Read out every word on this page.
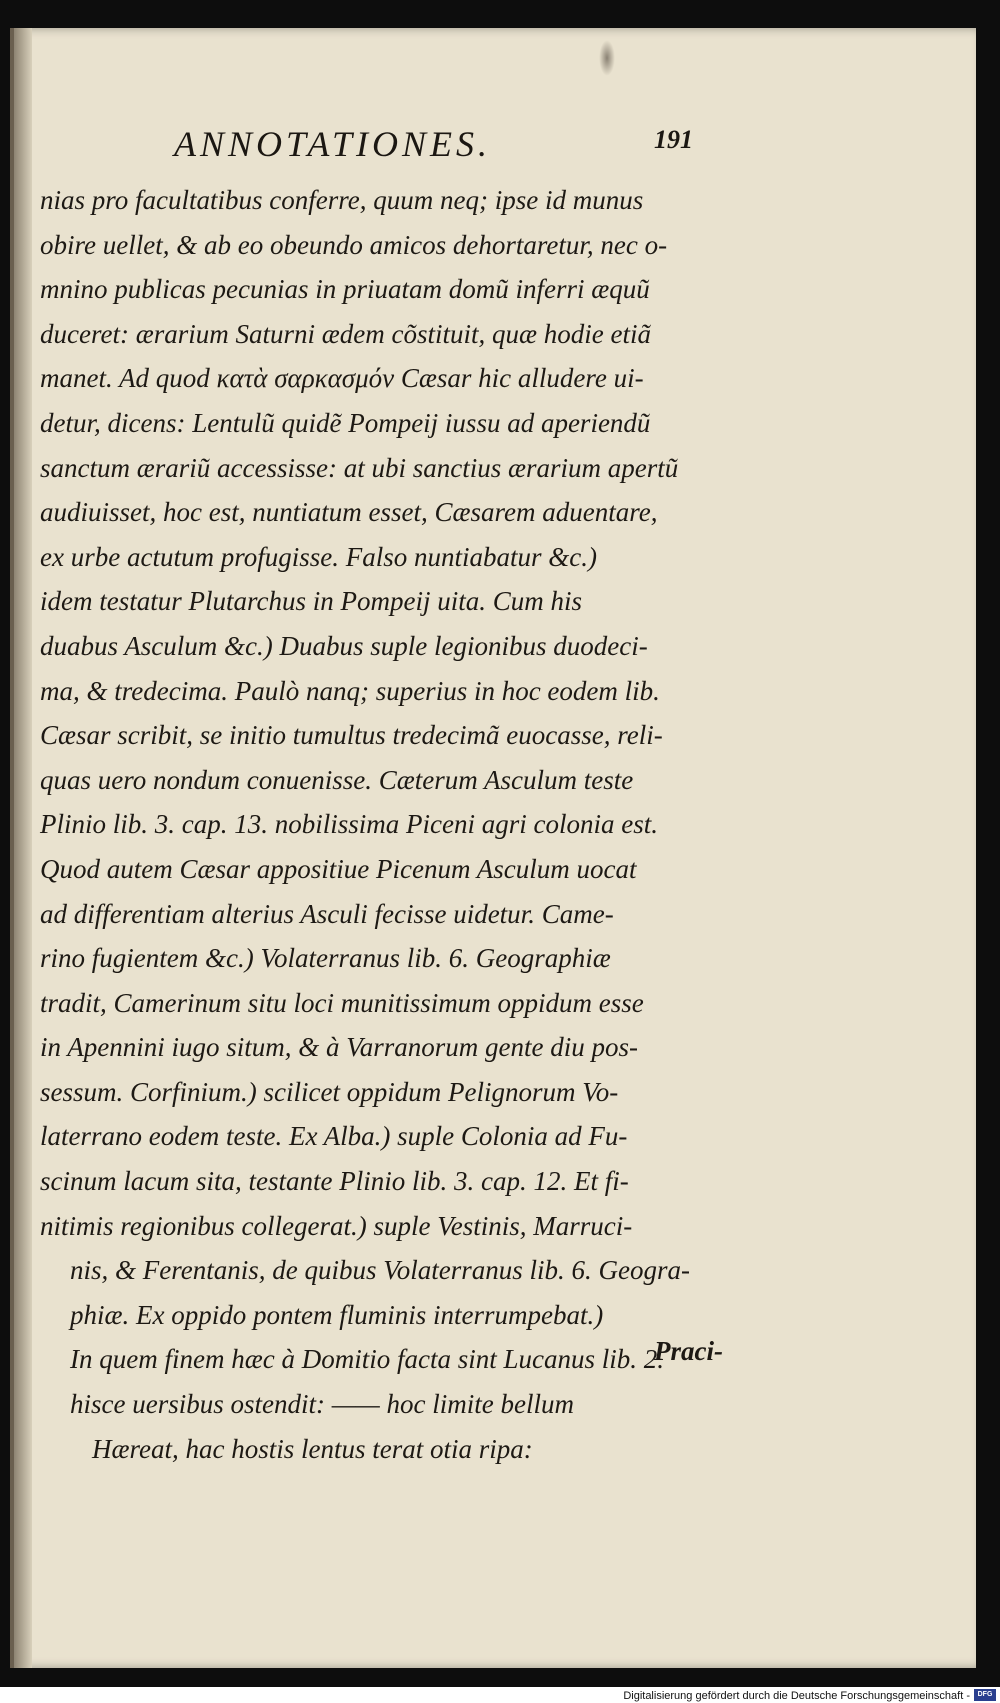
ANNOTATIONES.	191
nias pro facultatibus conferre, quum neq; ipse id munus
obire uellet, & ab eo obeundo amicos dehortaretur, nec o-
mnino publicas pecunias in priuatam domũ inferri æquũ
duceret: ærarium Saturni ædem cõstituit, quæ hodie etiã
manet. Ad quod κατὰ σαρκασμόν Cæsar hic alludere ui-
detur, dicens: Lentulũ quidẽ Pompeij iussu ad aperiendũ
sanctum ærariũ accessisse: at ubi sanctius ærarium apertũ
audiuisset, hoc est, nuntiatum esset, Cæsarem aduentare,
ex urbe actutum profugisse. Falso nuntiabatur &c.)
idem testatur Plutarchus in Pompeij uita. Cum his
duabus Asculum &c.) Duabus suple legionibus duodeci-
ma, & tredecima. Paulò nanq; superius in hoc eodem lib.
Cæsar scribit, se initio tumultus tredecimã euocasse, reli-
quas uero nondum conuenisse. Cæterum Asculum teste
Plinio lib. 3. cap. 13. nobilissima Piceni agri colonia est.
Quod autem Cæsar appositiue Picenum Asculum uocat
ad differentiam alterius Asculi fecisse uidetur. Came-
rino fugientem &c.) Volaterranus lib. 6. Geographiæ
tradit, Camerinum situ loci munitissimum oppidum esse
in Apennini iugo situm, & à Varranorum gente diu pos-
sessum. Corfinium.) scilicet oppidum Pelignorum Vo-
laterrano eodem teste. Ex Alba.) suple Colonia ad Fu-
scinum lacum sita, testante Plinio lib. 3. cap. 12. Et fi-
nitimis regionibus collegerat.) suple Vestinis, Marruci-
nis, & Ferentanis, de quibus Volaterranus lib. 6. Geogra-
phiæ. Ex oppido pontem fluminis interrumpebat.)
In quem finem hæc à Domitio facta sint Lucanus lib. 2.
hisce uersibus ostendit: —— hoc limite bellum
Hæreat, hac hostis lentus terat otia ripa:
Praci-
Digitalisierung gefördert durch die Deutsche Forschungsgemeinschaft -	DFG
